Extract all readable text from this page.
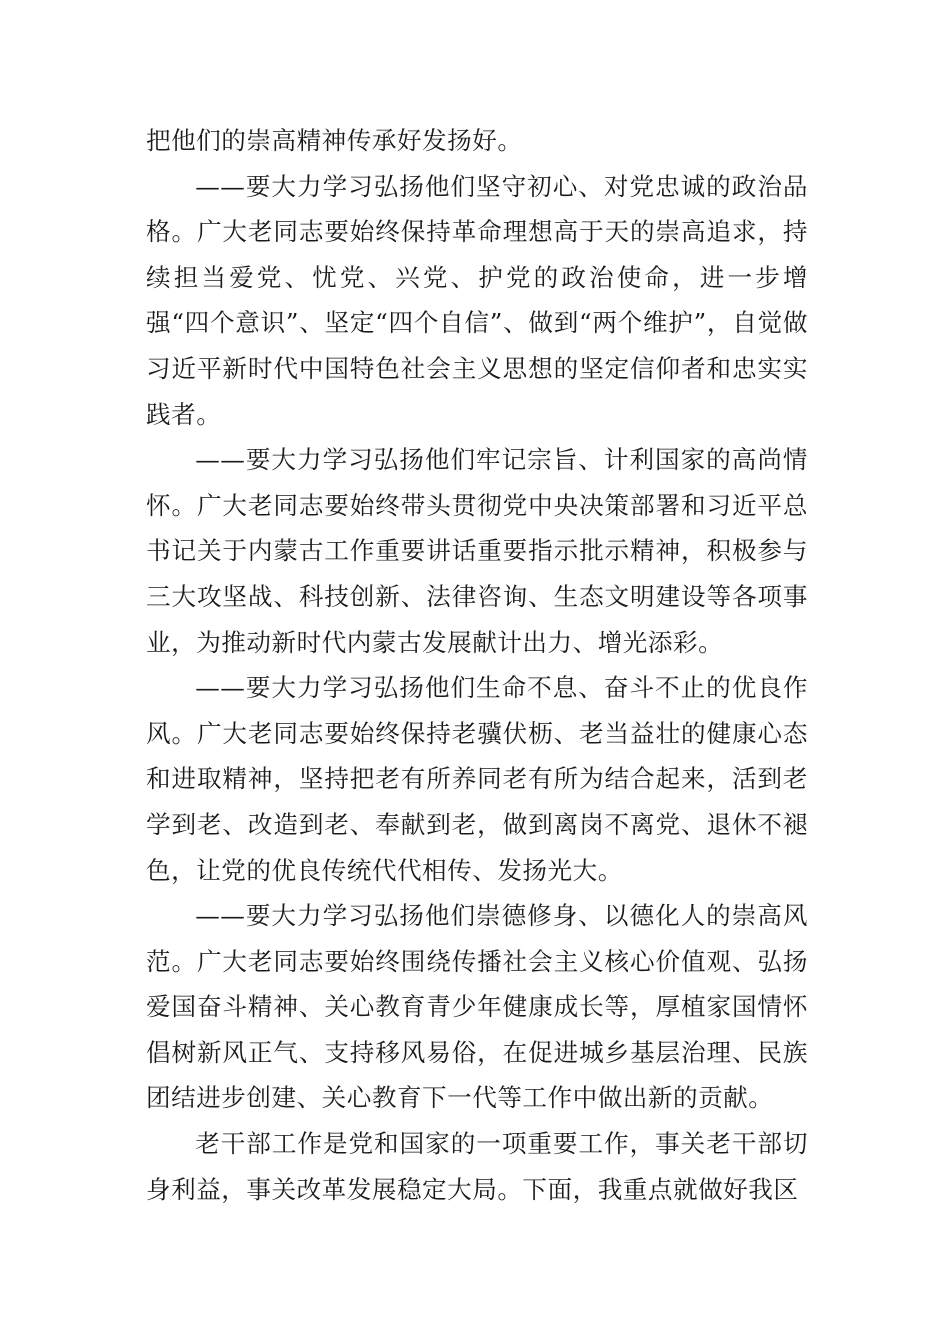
把他们的崇高精神传承好发扬好。

——要大力学习弘扬他们坚守初心、对党忠诚的政治品格。广大老同志要始终保持革命理想高于天的崇高追求，持续担当爱党、忧党、兴党、护党的政治使命，进一步增强“四个意识”、坚定“四个自信”、做到“两个维护”，自觉做习近平新时代中国特色社会主义思想的坚定信仰者和忠实实践者。

——要大力学习弘扬他们牢记宗旨、计利国家的高尚情怀。广大老同志要始终带头贯彻党中央决策部署和习近平总书记关于内蒙古工作重要讲话重要指示批示精神，积极参与三大攻坚战、科技创新、法律咨询、生态文明建设等各项事业，为推动新时代内蒙古发展献计出力、增光添彩。

——要大力学习弘扬他们生命不息、奋斗不止的优良作风。广大老同志要始终保持老骥伏枥、老当益壮的健康心态和进取精神，坚持把老有所养同老有所为结合起来，活到老学到老、改造到老、奉献到老，做到离岗不离党、退休不褪色，让党的优良传统代代相传、发扬光大。

——要大力学习弘扬他们崇德修身、以德化人的崇高风范。广大老同志要始终围绕传播社会主义核心价值观、弘扬爱国奋斗精神、关心教育青少年健康成长等，厚植家国情怀倡树新风正气、支持移风易俗，在促进城乡基层治理、民族团结进步创建、关心教育下一代等工作中做出新的贡献。

老干部工作是党和国家的一项重要工作，事关老干部切身利益，事关改革发展稳定大局。下面，我重点就做好我区
